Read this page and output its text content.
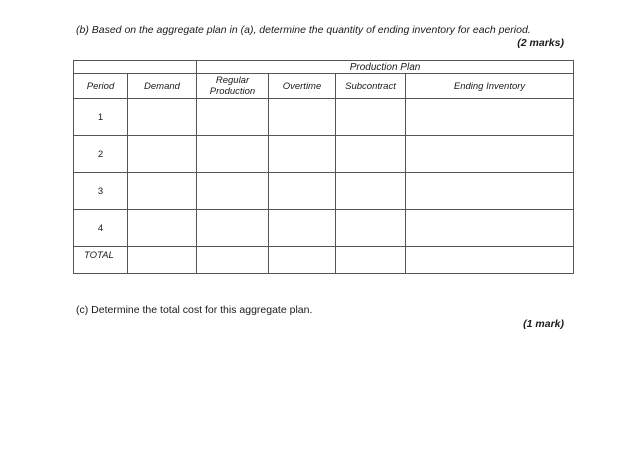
(b) Based on the aggregate plan in (a), determine the quantity of ending inventory for each period.
(2 marks)
		Production Plan			
Period	Demand	Regular Production	Overtime	Subcontract	Ending Inventory
1					
2					
3					
4					
TOTAL					
(c) Determine the total cost for this aggregate plan.
(1 mark)
